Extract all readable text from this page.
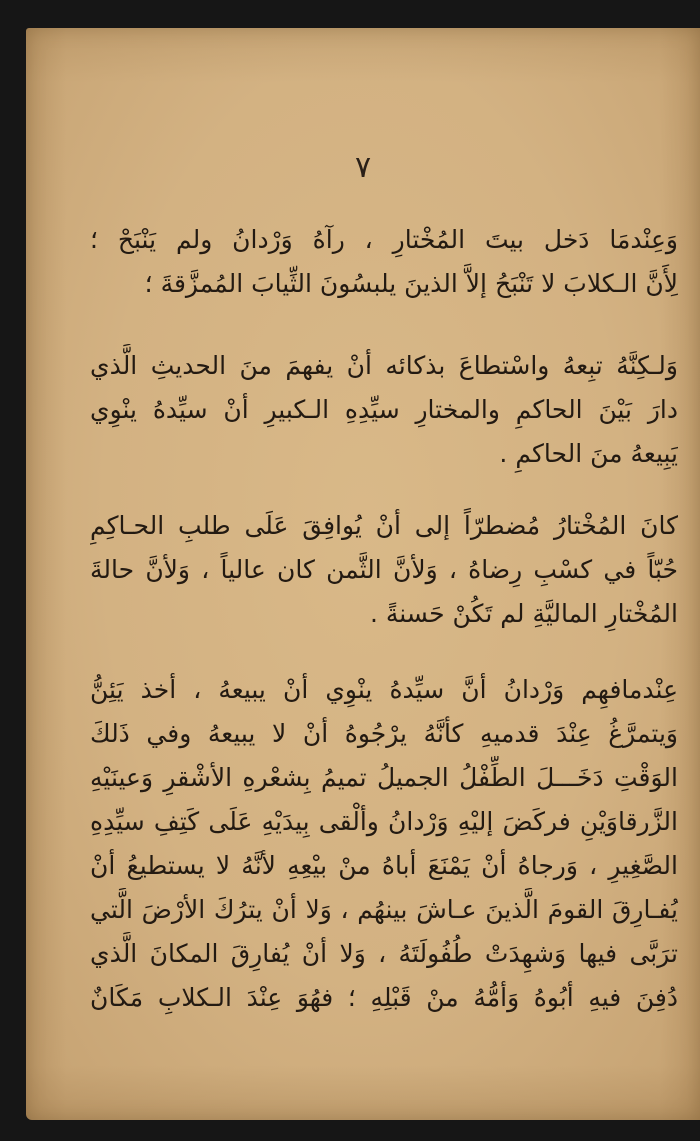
٧
وَعِنْدمَا دَخل بيتَ المُخْتارِ ، رآهُ وَرْدانُ ولم يَنْبَحْ ؛
لِأَنَّ الـكلابَ لا تَنْبَحُ إلاَّ الذينَ يلبسُونَ الثِّيابَ المُمزَّقةَ ؛
وَلـكِنَّهُ تبِعهُ واسْتطاعَ بذكائه أنْ يفهمَ منَ الحديثِ الَّذي
دارَ بَيْنَ الحاكمِ والمختارِ سيِّدِهِ الـكبيرِ أنْ سيِّدهُ ينْوِي
يَبِيعهُ منَ الحاكمِ .
كانَ المُخْتارُ مُضطرّاً إلى أنْ يُوافِقَ عَلَى طلبِ الحـاكِمِ
حُبّاً في كسْبِ رِضاهُ ، وَلأنَّ الثَّمن كان عالياً ، وَلأنَّ حالةَ
المُخْتارِ الماليَّةِ لم تَكُنْ حَسنةً .
عِنْدمافهِم وَرْدانُ أنَّ سيِّدهُ ينْوِي أنْ يبيعهُ ، أخذ يَئِنُّ
وَيتمرَّغُ عِنْدَ قدميهِ كأنَّهُ يرْجُوهُ أنْ لا يبيعهُ وفي ذَلكَ
الوَقْتِ دَخَـــلَ الطِّفْلُ الجميلُ تميمُ بِشعْرهِ الأشْقرِ وَعينَيْهِ
الزَّرقاوَيْنِ فركَضَ إليْهِ وَرْدانُ وألْقى بِيدَيْهِ عَلَى كَتِفِ سيِّدِهِ
الصَّغِيرِ ، وَرجاهُ أنْ يَمْنَعَ أباهُ منْ بيْعِهِ لأنَّهُ لا يستطيعُ أنْ
يُفـارِقَ القومَ الَّذينَ عـاشَ بينهُم ، وَلا أنْ يترُكَ الأرْضَ الَّتي
ترَبَّى فيها وَشهِدَتْ طُفُولَتَهُ ، وَلا أنْ يُفارِقَ المكانَ الَّذي
دُفِنَ فيهِ أبُوهُ وَأمُّهُ منْ قَبْلِهِ ؛ فهُوَ عِنْدَ الـكلابِ مَكَانٌ
